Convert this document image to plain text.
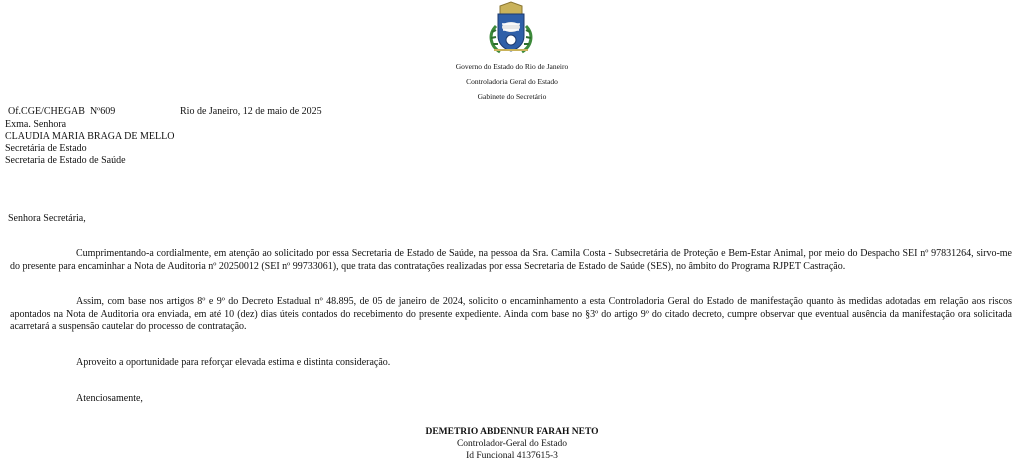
Governo do Estado do Rio de Janeiro
Controladoria Geral do Estado
Gabinete do Secretário
Of.CGE/CHEGAB  Nº609	Rio de Janeiro, 12 de maio de 2025
Exma. Senhora
CLAUDIA MARIA BRAGA DE MELLO
Secretária de Estado
Secretaria de Estado de Saúde
Senhora Secretária,
Cumprimentando-a cordialmente, em atenção ao solicitado por essa Secretaria de Estado de Saúde, na pessoa da Sra. Camila Costa - Subsecretária de Proteção e Bem-Estar Animal, por meio do Despacho SEI nº 97831264, sirvo-me do presente para encaminhar a Nota de Auditoria nº 20250012 (SEI nº 99733061), que trata das contratações realizadas por essa Secretaria de Estado de Saúde (SES), no âmbito do Programa RJPET Castração.
Assim, com base nos artigos 8º e 9º do Decreto Estadual nº 48.895, de 05 de janeiro de 2024, solicito o encaminhamento a esta Controladoria Geral do Estado de manifestação quanto às medidas adotadas em relação aos riscos apontados na Nota de Auditoria ora enviada, em até 10 (dez) dias úteis contados do recebimento do presente expediente. Ainda com base no §3º do artigo 9º do citado decreto, cumpre observar que eventual ausência da manifestação ora solicitada acarretará a suspensão cautelar do processo de contratação.
Aproveito a oportunidade para reforçar elevada estima e distinta consideração.
Atenciosamente,
DEMETRIO ABDENNUR FARAH NETO
Controlador-Geral do Estado
Id Funcional 4137615-3
